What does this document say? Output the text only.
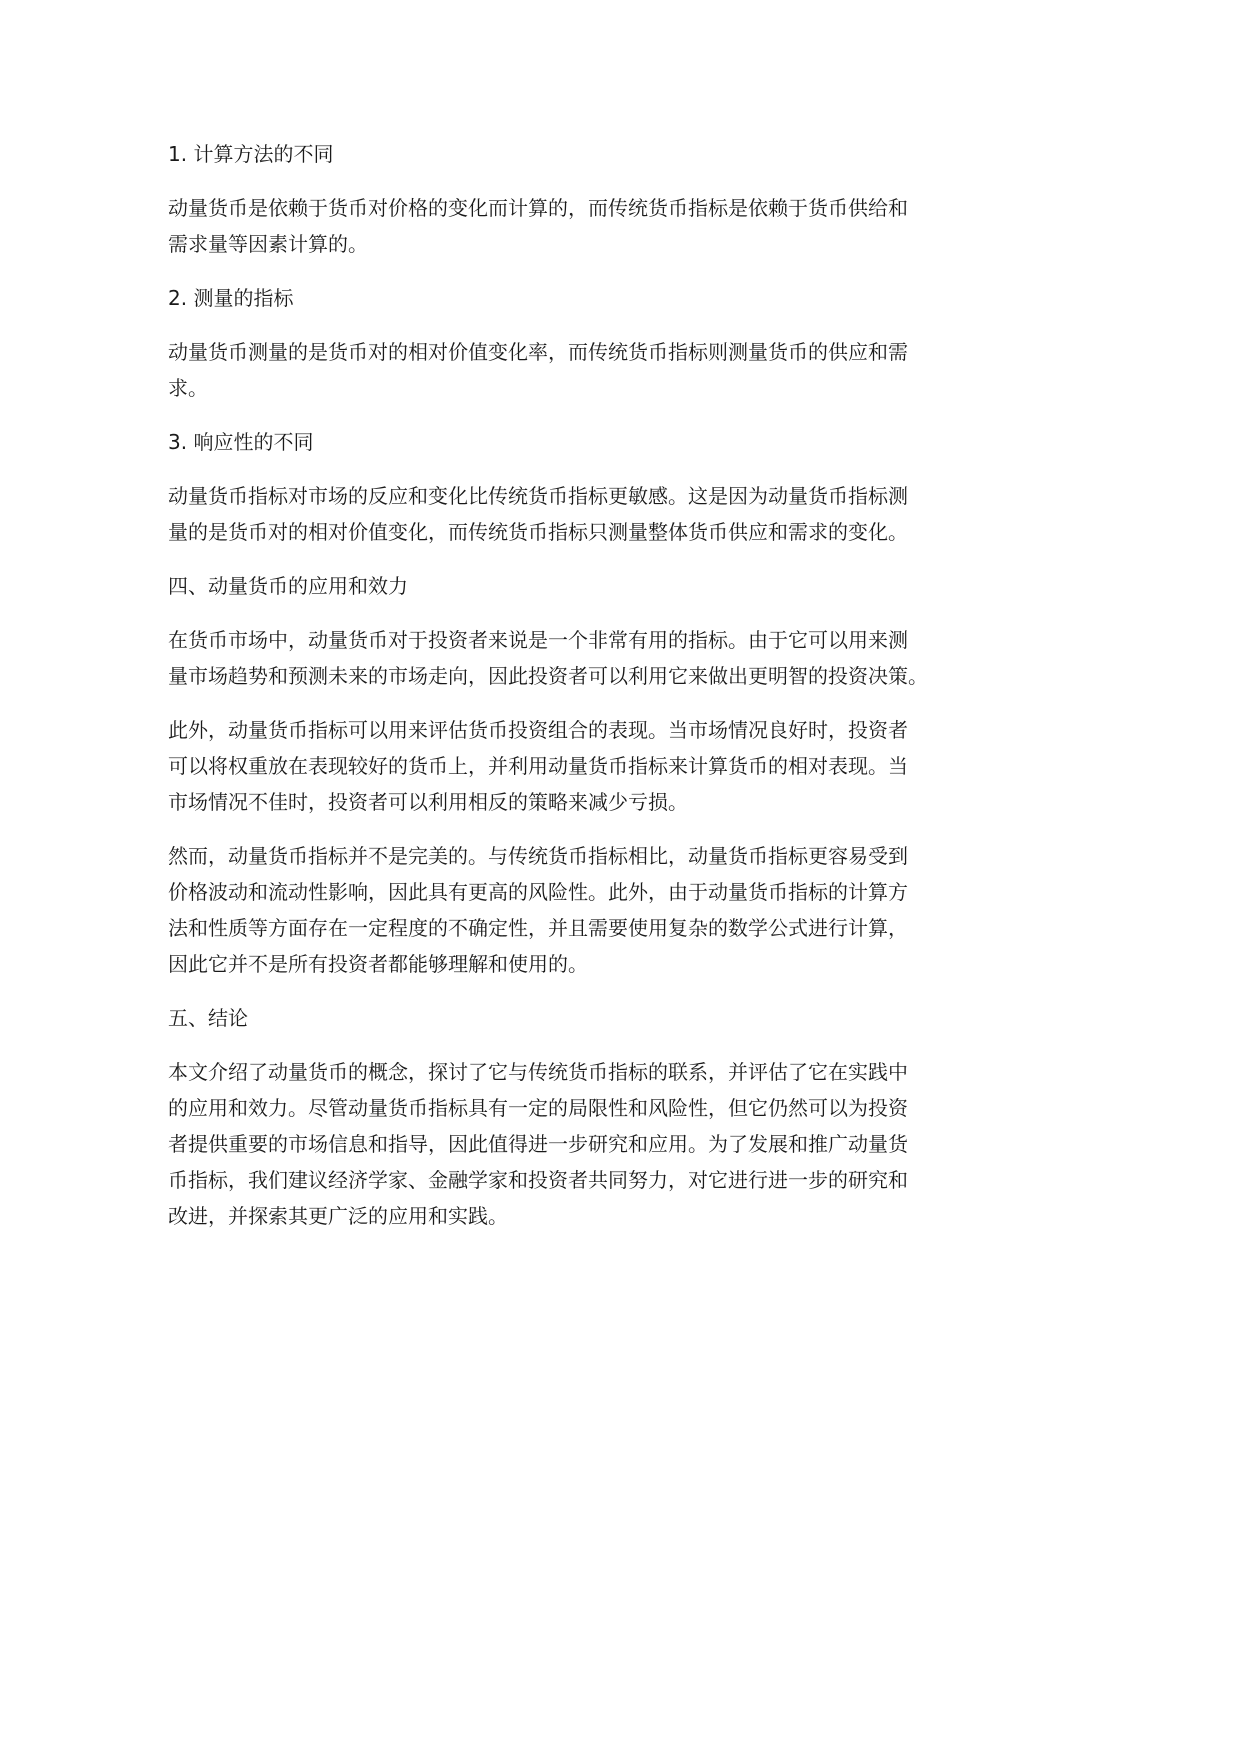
1. 计算方法的不同
动量货币是依赖于货币对价格的变化而计算的，而传统货币指标是依赖于货币供给和
需求量等因素计算的。
2. 测量的指标
动量货币测量的是货币对的相对价值变化率，而传统货币指标则测量货币的供应和需
求。
3. 响应性的不同
动量货币指标对市场的反应和变化比传统货币指标更敏感。这是因为动量货币指标测
量的是货币对的相对价值变化，而传统货币指标只测量整体货币供应和需求的变化。
四、动量货币的应用和效力
在货币市场中，动量货币对于投资者来说是一个非常有用的指标。由于它可以用来测
量市场趋势和预测未来的市场走向，因此投资者可以利用它来做出更明智的投资决策。
此外，动量货币指标可以用来评估货币投资组合的表现。当市场情况良好时，投资者
可以将权重放在表现较好的货币上，并利用动量货币指标来计算货币的相对表现。当
市场情况不佳时，投资者可以利用相反的策略来减少亏损。
然而，动量货币指标并不是完美的。与传统货币指标相比，动量货币指标更容易受到
价格波动和流动性影响，因此具有更高的风险性。此外，由于动量货币指标的计算方
法和性质等方面存在一定程度的不确定性，并且需要使用复杂的数学公式进行计算，
因此它并不是所有投资者都能够理解和使用的。
五、结论
本文介绍了动量货币的概念，探讨了它与传统货币指标的联系，并评估了它在实践中
的应用和效力。尽管动量货币指标具有一定的局限性和风险性，但它仍然可以为投资
者提供重要的市场信息和指导，因此值得进一步研究和应用。为了发展和推广动量货
币指标，我们建议经济学家、金融学家和投资者共同努力，对它进行进一步的研究和
改进，并探索其更广泛的应用和实践。
